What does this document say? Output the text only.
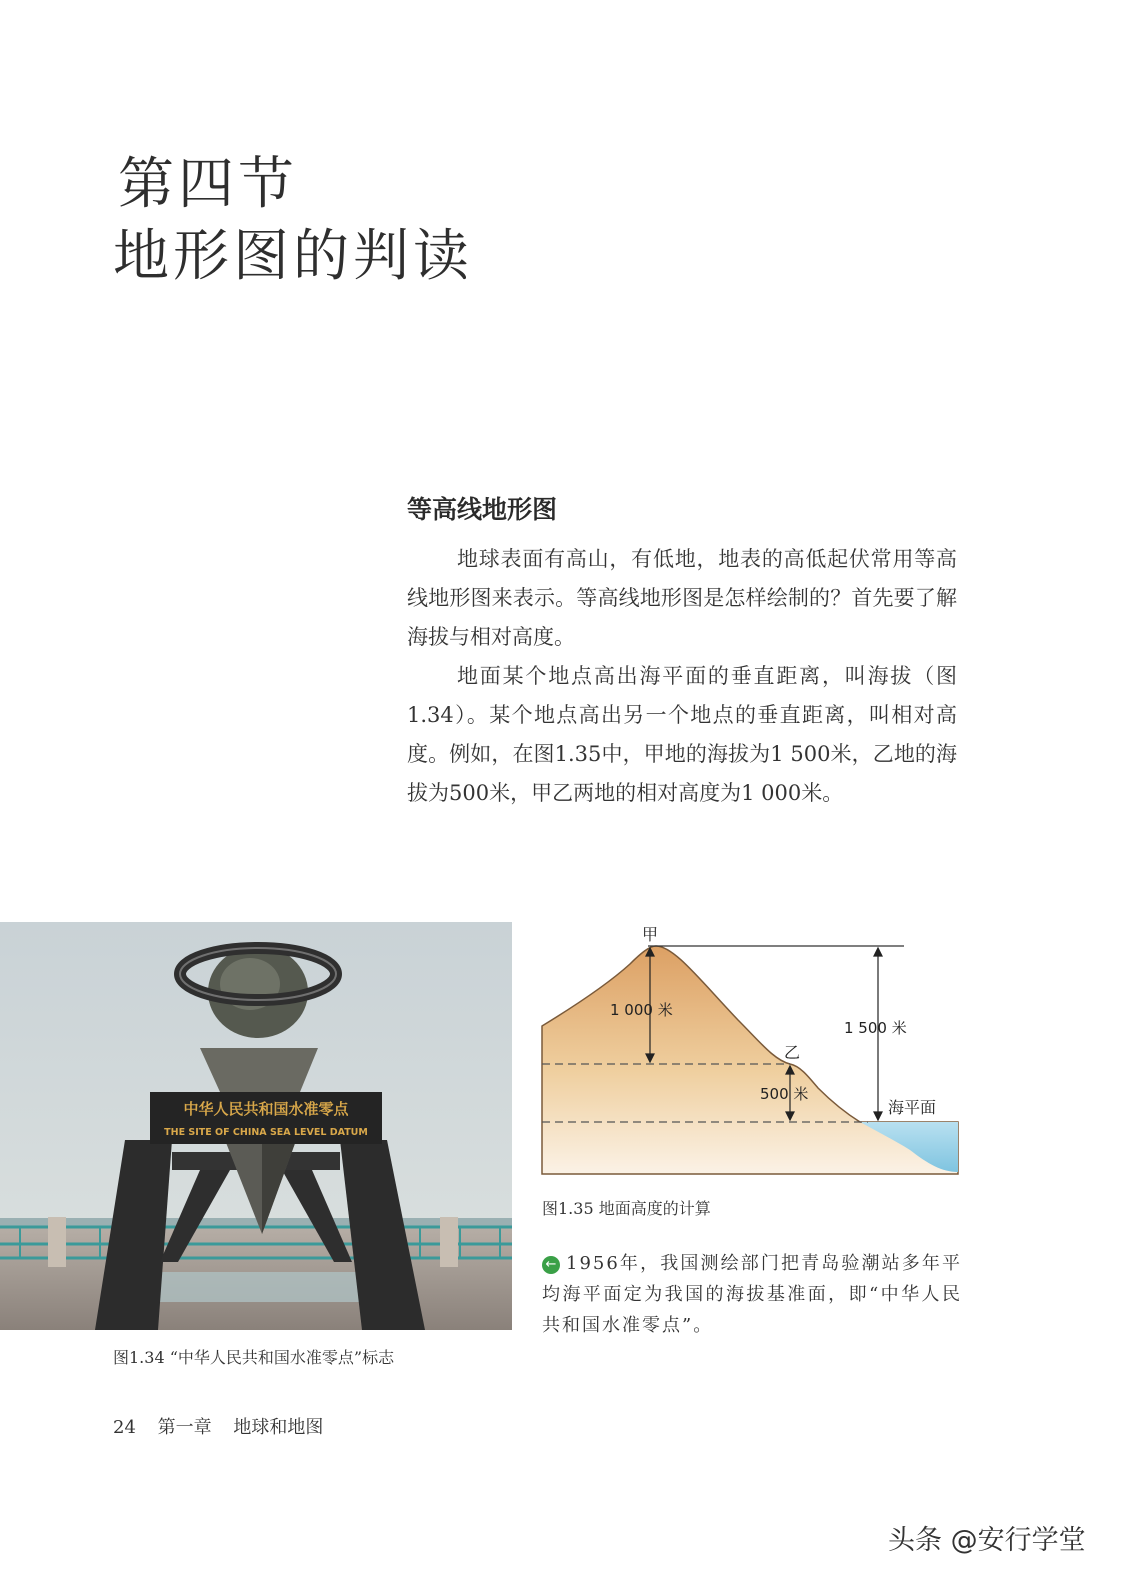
第四节
地形图的判读
等高线地形图

地球表面有高山，有低地，地表的高低起伏常用等高线地形图来表示。等高线地形图是怎样绘制的？首先要了解海拔与相对高度。

地面某个地点高出海平面的垂直距离，叫海拔（图1.34）。某个地点高出另一个地点的垂直距离，叫相对高度。例如，在图1.35中，甲地的海拔为1 500米，乙地的海拔为500米，甲乙两地的相对高度为1 000米。

中华人民共和国水准零点
THE SITE OF CHINA SEA LEVEL DATUM
图1.34 “中华人民共和国水准零点”标志
甲
1 000 米
1 500 米
乙
500 米
海平面
图1.35 地面高度的计算
← 1956年，我国测绘部门把青岛验潮站多年平均海平面定为我国的海拔基准面，即“中华人民共和国水准零点”。
24 第一章 地球和地图
头条 @安行学堂
